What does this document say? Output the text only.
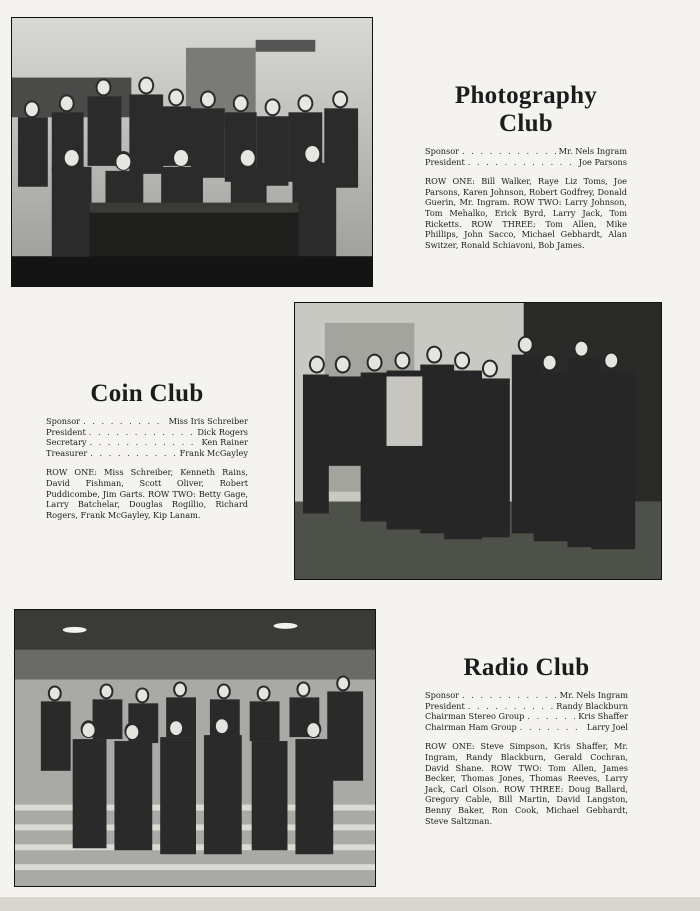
Photography Club
Sponsor . . .	Mr. Nels Ingram
President . . .	Joe Parsons

ROW ONE: Bill Walker, Raye Liz Toms, Joe Parsons, Karen Johnson, Robert Godfrey, Donald Guerin, Mr. Ingram. ROW TWO: Larry Johnson, Tom Mehalko, Erick Byrd, Larry Jack, Tom Ricketts. ROW THREE: Tom Allen, Mike Phillips, John Sacco, Michael Gebhardt, Alan Switzer, Ronald Schiavoni, Bob James.

Coin Club
Sponsor . . .	Miss Iris Schreiber
President . . .	Dick Rogers
Secretary . . .	Ken Rainer
Treasurer . . .	Frank McGayley

ROW ONE: Miss Schreiber, Kenneth Rains, David Fishman, Scott Oliver, Robert Puddicombe, Jim Garts. ROW TWO: Betty Gage, Larry Batchelar, Douglas Rogillio, Richard Rogers, Frank McGayley, Kip Lanam.

Radio Club
Sponsor . . .	Mr. Nels Ingram
President . . .	Randy Blackburn
Chairman Stereo Group . . .	Kris Shaffer
Chairman Ham Group . . .	Larry Joel

ROW ONE: Steve Simpson, Kris Shaffer, Mr. Ingram, Randy Blackburn, Gerald Cochran, David Shane. ROW TWO: Tom Allen, James Becker, Thomas Jones, Thomas Reeves, Larry Jack, Carl Olson. ROW THREE: Doug Ballard, Gregory Cable, Bill Martin, David Langston, Benny Baker, Ron Cook, Michael Gebhardt, Steve Saltzman.
